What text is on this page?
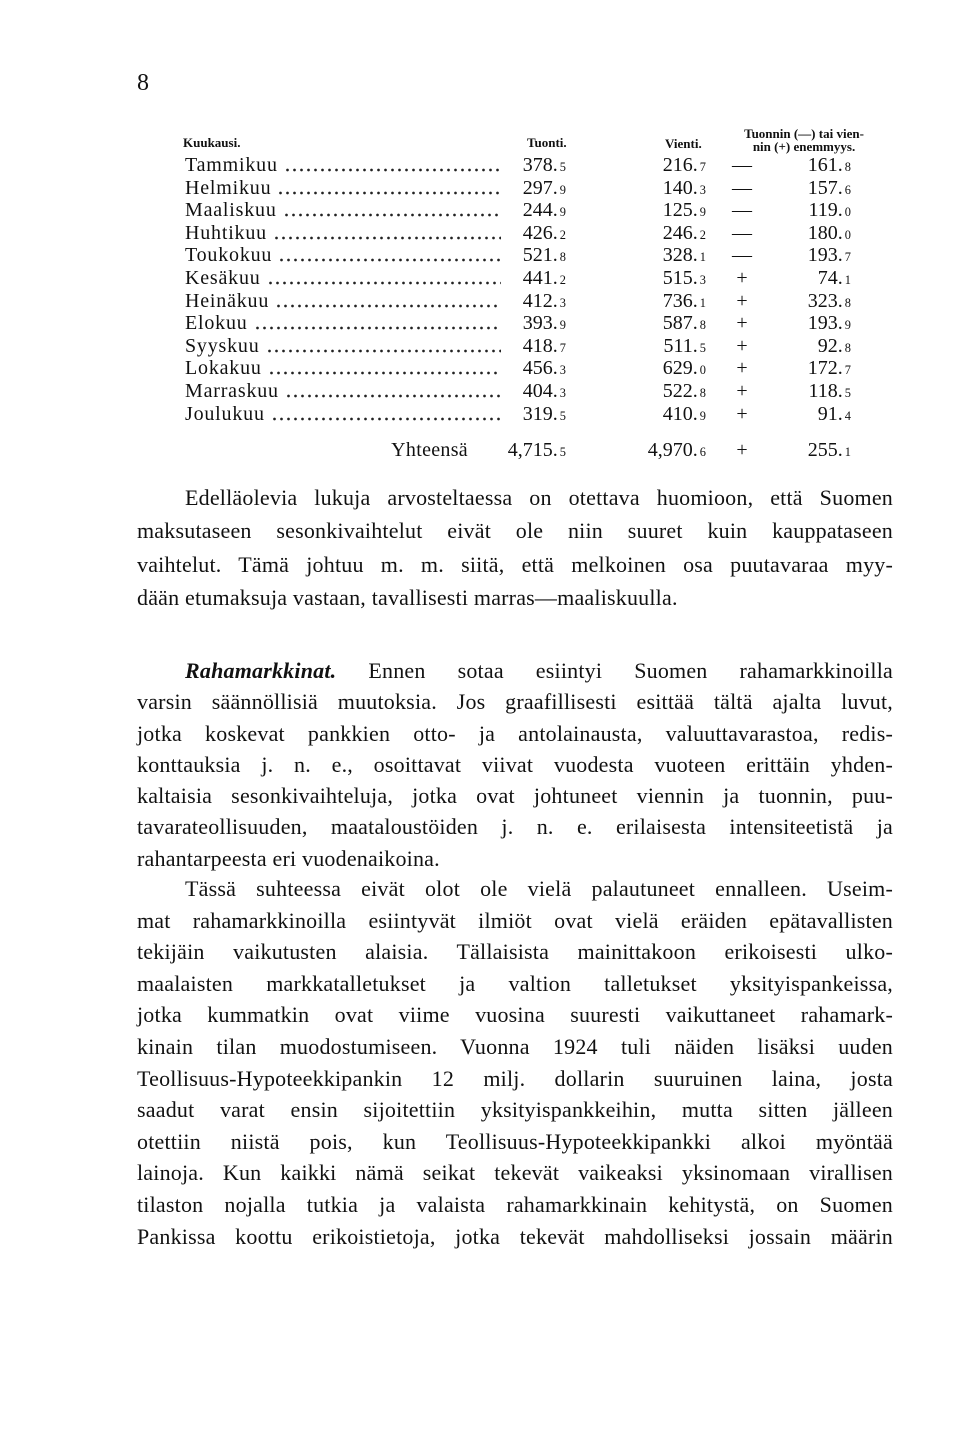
8
Kuukausi.	Tuonti.	Vienti.
Tuonnin (—) tai vien-
nin (+) enemmyys.
Tammikuu	378. 5	216. 7 —	161. 8
Helmikuu	297. 9	140. 3 —	157. 6
Maaliskuu	244. 9	125. 9 —	119. 0
Huhtikuu	426. 2	246. 2 —	180. 0
Toukokuu	521. 8	328. 1 —	193. 7
Kesäkuu	441. 2	515. 3	+	74. 1
Heinäkuu	412. 3	736. 1	+	323. 8
Elokuu	393. 9	587. 8	+	193. 9
Syyskuu	418. 7	511. 5	+	92. 8
Lokakuu	456. 3	629. 0	+	172. 7
Marraskuu	404. 3	522. 8	+	118. 5
Joulukuu	319. 5	410. 9	+	91. 4
Yhteensä	4,715. 5	4,970. 6	+	255. 1
Edelläolevia lukuja arvosteltaessa on otettava huomioon, että Suomen
maksutaseen sesonkivaihtelut eivät ole niin suuret kuin kauppataseen
vaihtelut. Tämä johtuu m. m. siitä, että melkoinen osa puutavaraa myy-
dään etumaksuja vastaan, tavallisesti marras—maaliskuulla.
Rahamarkkinat. Ennen sotaa esiintyi Suomen rahamarkkinoilla
varsin säännöllisiä muutoksia. Jos graafillisesti esittää tältä ajalta luvut,
jotka koskevat pankkien otto- ja antolainausta, valuuttavarastoa, redis-
konttauksia j. n. e., osoittavat viivat vuodesta vuoteen erittäin yhden-
kaltaisia sesonkivaihteluja, jotka ovat johtuneet viennin ja tuonnin, puu-
tavarateollisuuden, maataloustöiden j. n. e. erilaisesta intensiteetistä ja
rahantarpeesta eri vuodenaikoina.
Tässä suhteessa eivät olot ole vielä palautuneet ennalleen. Useim-
mat rahamarkkinoilla esiintyvät ilmiöt ovat vielä eräiden epätavallisten
tekijäin vaikutusten alaisia. Tällaisista mainittakoon erikoisesti ulko-
maalaisten markkatalletukset ja valtion talletukset yksityispankeissa,
jotka kummatkin ovat viime vuosina suuresti vaikuttaneet rahamark-
kinain tilan muodostumiseen. Vuonna 1924 tuli näiden lisäksi uuden
Teollisuus-Hypoteekkipankin 12 milj. dollarin suuruinen laina, josta
saadut varat ensin sijoitettiin yksityispankkeihin, mutta sitten jälleen
otettiin niistä pois, kun Teollisuus-Hypoteekkipankki alkoi myöntää
lainoja. Kun kaikki nämä seikat tekevät vaikeaksi yksinomaan virallisen
tilaston nojalla tutkia ja valaista rahamarkkinain kehitystä, on Suomen
Pankissa koottu erikoistietoja, jotka tekevät mahdolliseksi jossain määrin
